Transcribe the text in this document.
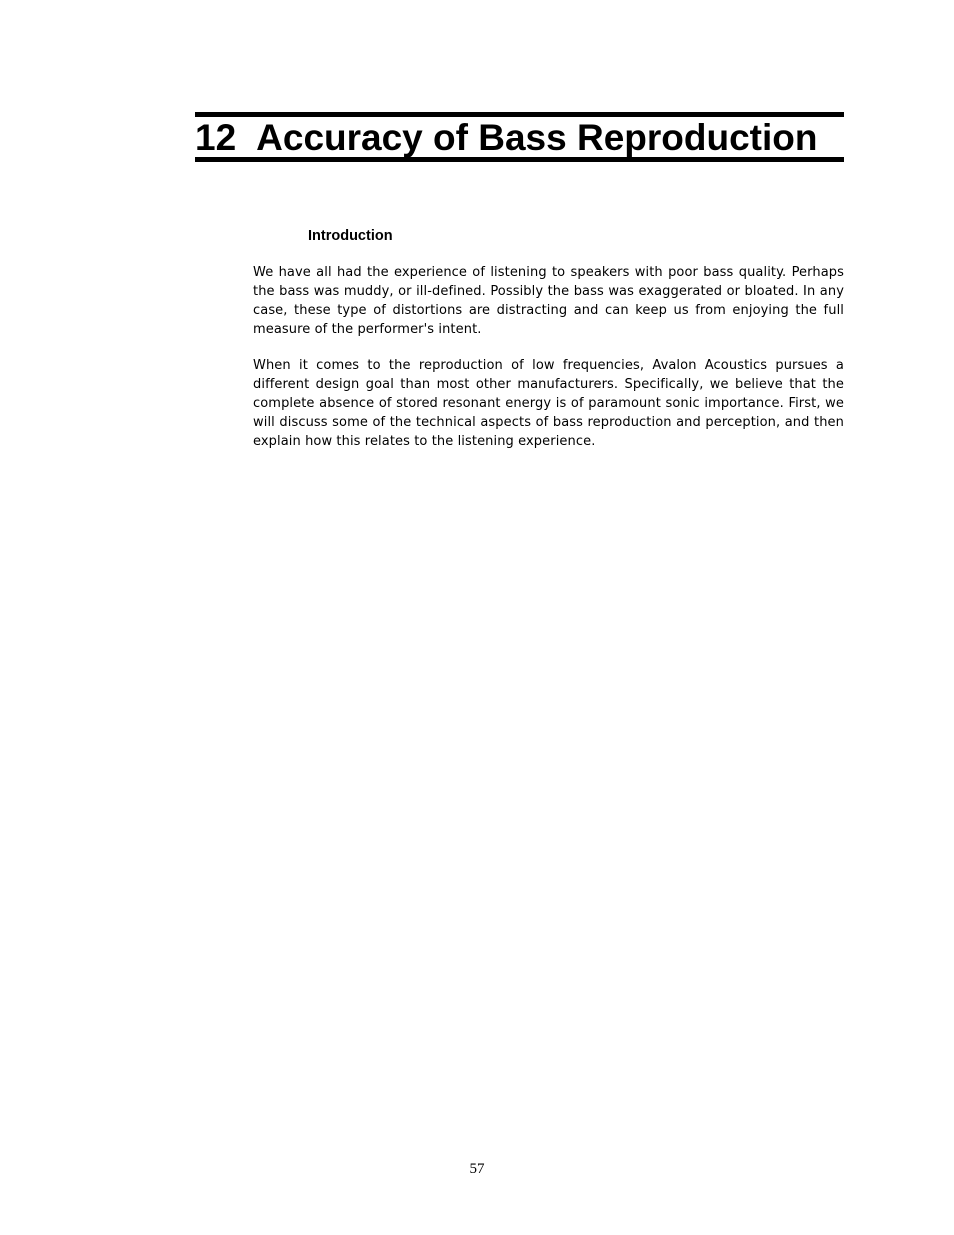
12 Accuracy of Bass Reproduction
Introduction

We have all had the experience of listening to speakers with poor bass quality. Perhaps the bass was muddy, or ill-defined. Possibly the bass was exaggerated or bloated. In any case, these type of distortions are distracting and can keep us from enjoying the full measure of the performer's intent.

When it comes to the reproduction of low frequencies, Avalon Acoustics pursues a different design goal than most other manufacturers. Specifically, we believe that the complete absence of stored resonant energy is of paramount sonic importance. First, we will discuss some of the technical aspects of bass reproduction and perception, and then explain how this relates to the listening experience.

57
